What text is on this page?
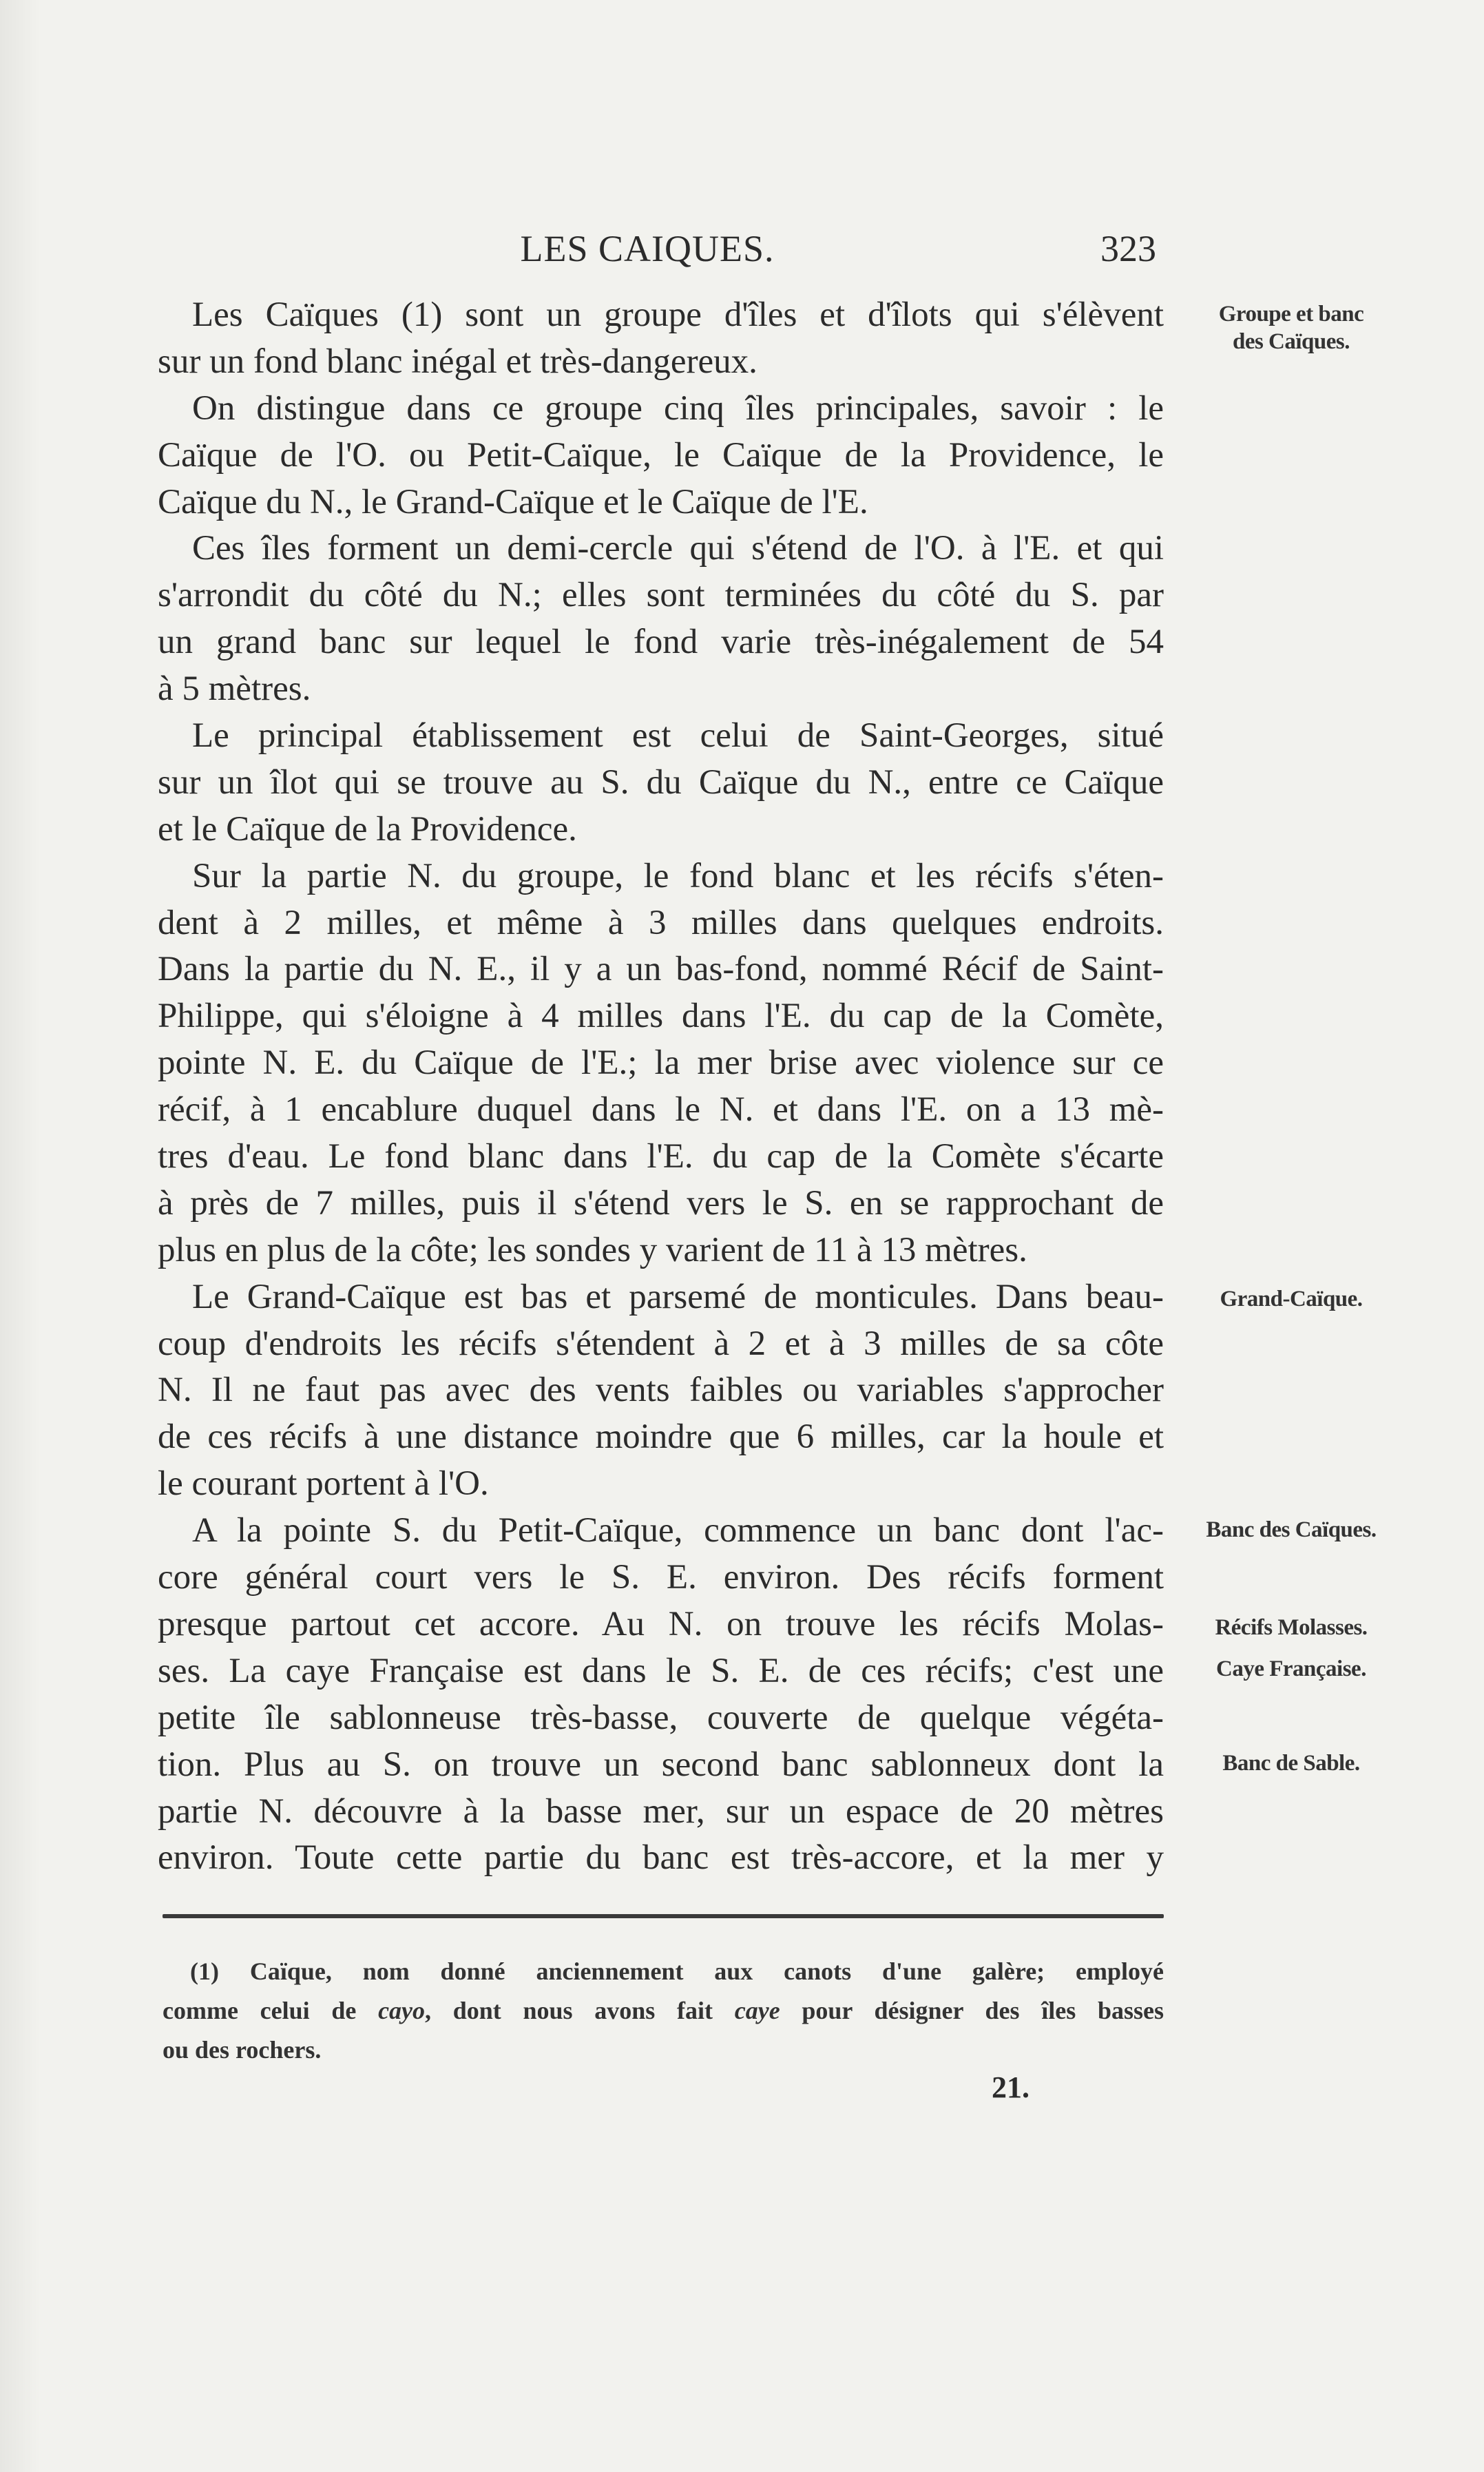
LES CAIQUES.	323
Les Caïques (1) sont un groupe d'îles et d'îlots qui s'élèvent
sur un fond blanc inégal et très-dangereux.
On distingue dans ce groupe cinq îles principales, savoir : le
Caïque de l'O. ou Petit-Caïque, le Caïque de la Providence, le
Caïque du N., le Grand-Caïque et le Caïque de l'E.
Ces îles forment un demi-cercle qui s'étend de l'O. à l'E. et qui
s'arrondit du côté du N.; elles sont terminées du côté du S. par
un grand banc sur lequel le fond varie très-inégalement de 54
à 5 mètres.
Le principal établissement est celui de Saint-Georges, situé
sur un îlot qui se trouve au S. du Caïque du N., entre ce Caïque
et le Caïque de la Providence.
Sur la partie N. du groupe, le fond blanc et les récifs s'éten-
dent à 2 milles, et même à 3 milles dans quelques endroits.
Dans la partie du N. E., il y a un bas-fond, nommé Récif de Saint-
Philippe, qui s'éloigne à 4 milles dans l'E. du cap de la Comète,
pointe N. E. du Caïque de l'E.; la mer brise avec violence sur ce
récif, à 1 encablure duquel dans le N. et dans l'E. on a 13 mè-
tres d'eau. Le fond blanc dans l'E. du cap de la Comète s'écarte
à près de 7 milles, puis il s'étend vers le S. en se rapprochant de
plus en plus de la côte; les sondes y varient de 11 à 13 mètres.
Le Grand-Caïque est bas et parsemé de monticules. Dans beau-
coup d'endroits les récifs s'étendent à 2 et à 3 milles de sa côte
N. Il ne faut pas avec des vents faibles ou variables s'approcher
de ces récifs à une distance moindre que 6 milles, car la houle et
le courant portent à l'O.
A la pointe S. du Petit-Caïque, commence un banc dont l'ac-
core général court vers le S. E. environ. Des récifs forment
presque partout cet accore. Au N. on trouve les récifs Molas-
ses. La caye Française est dans le S. E. de ces récifs; c'est une
petite île sablonneuse très-basse, couverte de quelque végéta-
tion. Plus au S. on trouve un second banc sablonneux dont la
partie N. découvre à la basse mer, sur un espace de 20 mètres
environ. Toute cette partie du banc est très-accore, et la mer y
Groupe et banc
des Caïques.
Grand-Caïque.
Banc des Caïques.
Récifs Molasses.
Caye Française.
Banc de Sable.
(1) Caïque, nom donné anciennement aux canots d'une galère; employé
comme celui de cayo, dont nous avons fait caye pour désigner des îles basses
ou des rochers.
21.
